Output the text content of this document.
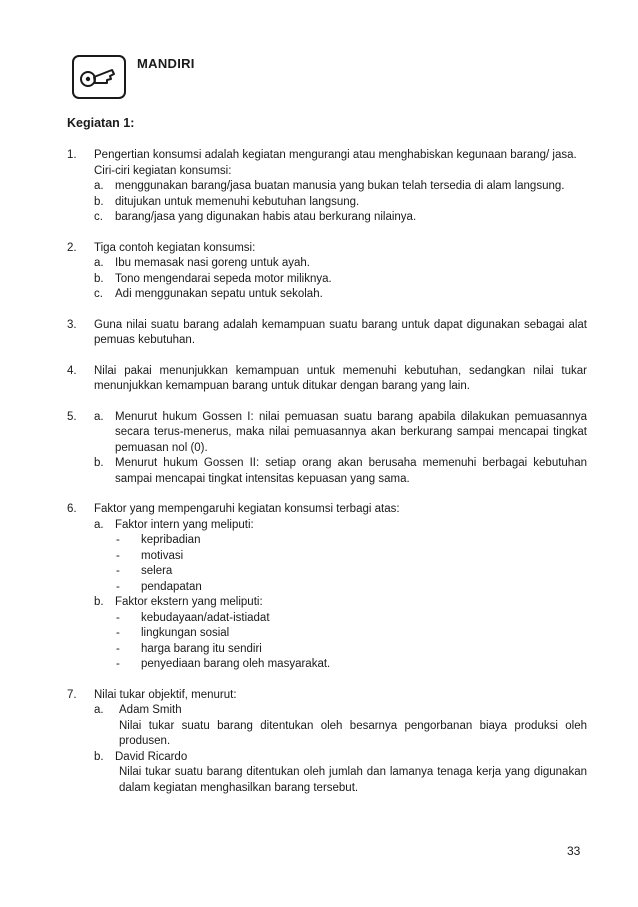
MANDIRI
Kegiatan 1:
1.	Pengertian konsumsi adalah kegiatan mengurangi atau menghabiskan kegunaan barang/ jasa.

Ciri-ciri kegiatan konsumsi:

a. menggunakan barang/jasa buatan manusia yang bukan telah tersedia di alam langsung.
b. ditujukan untuk memenuhi kebutuhan langsung.
c.	barang/jasa yang digunakan habis atau berkurang nilainya.
2.	Tiga contoh kegiatan konsumsi:

a. Ibu memasak nasi goreng untuk ayah.
b. Tono mengendarai sepeda motor miliknya.
c.	Adi menggunakan sepatu untuk sekolah.
3.	Guna nilai suatu barang adalah kemampuan suatu barang untuk dapat digunakan sebagai alat pemuas kebutuhan.

4.	Nilai pakai menunjukkan kemampuan untuk memenuhi kebutuhan, sedangkan nilai tukar menunjukkan kemampuan barang untuk ditukar dengan barang yang lain.

5.	a. Menurut hukum Gossen I: nilai pemuasan suatu barang apabila dilakukan pemuasannya secara terus-menerus, maka nilai pemuasannya akan berkurang sampai mencapai tingkat pemuasan nol (0).
b. Menurut hukum Gossen II: setiap orang akan berusaha memenuhi berbagai kebutuhan sampai mencapai tingkat intensitas kepuasan yang sama.
6.	Faktor yang mempengaruhi kegiatan konsumsi terbagi atas:

a. Faktor intern yang meliputi:
-	kepribadian
-	motivasi
-	selera
-	pendapatan
b. Faktor ekstern yang meliputi:
-	kebudayaan/adat-istiadat
-	lingkungan sosial
-	harga barang itu sendiri
-	penyediaan barang oleh masyarakat.
7.	Nilai tukar objektif, menurut:

a.	Adam Smith

Nilai tukar suatu barang ditentukan oleh besarnya pengorbanan biaya produksi oleh produsen.

b. David Ricardo

Nilai tukar suatu barang ditentukan oleh jumlah dan lamanya tenaga kerja yang digunakan dalam kegiatan menghasilkan barang tersebut.

33
